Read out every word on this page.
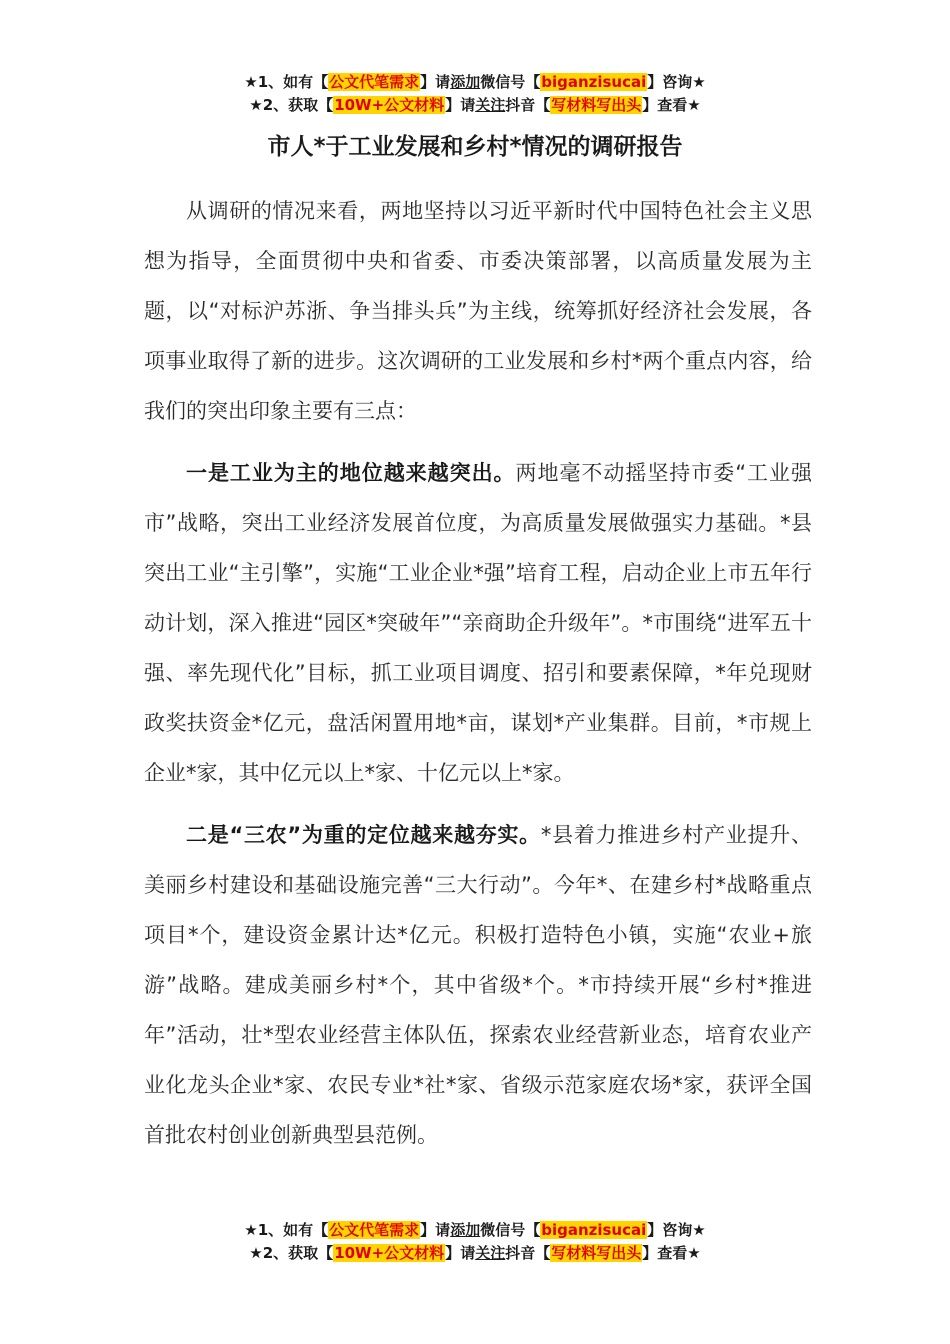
★1、如有【公文代笔需求】请添加微信号【biganzisucai】咨询★
★2、获取【10W+公文材料】请关注抖音【写材料写出头】查看★
市人*于工业发展和乡村*情况的调研报告

从调研的情况来看，两地坚持以习近平新时代中国特色社会主义思想为指导，全面贯彻中央和省委、市委决策部署，以高质量发展为主题，以“对标沪苏浙、争当排头兵”为主线，统筹抓好经济社会发展，各项事业取得了新的进步。这次调研的工业发展和乡村*两个重点内容，给我们的突出印象主要有三点：

一是工业为主的地位越来越突出。两地毫不动摇坚持市委“工业强市”战略，突出工业经济发展首位度，为高质量发展做强实力基础。*县突出工业“主引擎”，实施“工业企业*强”培育工程，启动企业上市五年行动计划，深入推进“园区*突破年”“亲商助企升级年”。*市围绕“进军五十强、率先现代化”目标，抓工业项目调度、招引和要素保障，*年兑现财政奖扶资金*亿元，盘活闲置用地*亩，谋划*产业集群。目前，*市规上企业*家，其中亿元以上*家、十亿元以上*家。

二是“三农”为重的定位越来越夯实。*县着力推进乡村产业提升、美丽乡村建设和基础设施完善“三大行动”。今年*、在建乡村*战略重点项目*个，建设资金累计达*亿元。积极打造特色小镇，实施“农业+旅游”战略。建成美丽乡村*个，其中省级*个。*市持续开展“乡村*推进年”活动，壮*型农业经营主体队伍，探索农业经营新业态，培育农业产业化龙头企业*家、农民专业*社*家、省级示范家庭农场*家，获评全国首批农村创业创新典型县范例。

★1、如有【公文代笔需求】请添加微信号【biganzisucai】咨询★
★2、获取【10W+公文材料】请关注抖音【写材料写出头】查看★
